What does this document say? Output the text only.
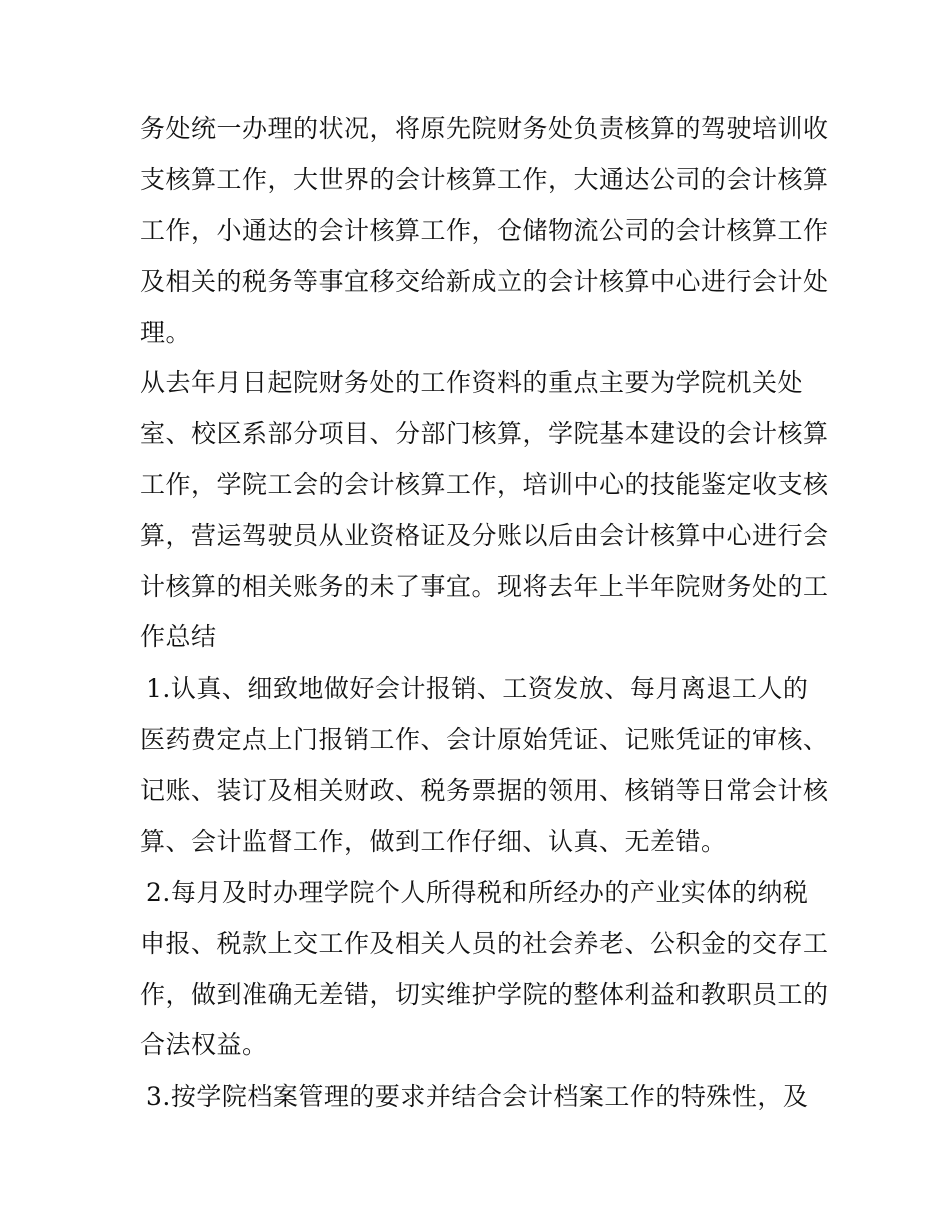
务处统一办理的状况，将原先院财务处负责核算的驾驶培训收
支核算工作，大世界的会计核算工作，大通达公司的会计核算
工作，小通达的会计核算工作，仓储物流公司的会计核算工作
及相关的税务等事宜移交给新成立的会计核算中心进行会计处
理。
从去年月日起院财务处的工作资料的重点主要为学院机关处
室、校区系部分项目、分部门核算，学院基本建设的会计核算
工作，学院工会的会计核算工作，培训中心的技能鉴定收支核
算，营运驾驶员从业资格证及分账以后由会计核算中心进行会
计核算的相关账务的未了事宜。现将去年上半年院财务处的工
作总结
1.认真、细致地做好会计报销、工资发放、每月离退工人的
医药费定点上门报销工作、会计原始凭证、记账凭证的审核、
记账、装订及相关财政、税务票据的领用、核销等日常会计核
算、会计监督工作，做到工作仔细、认真、无差错。
2.每月及时办理学院个人所得税和所经办的产业实体的纳税
申报、税款上交工作及相关人员的社会养老、公积金的交存工
作，做到准确无差错，切实维护学院的整体利益和教职员工的
合法权益。
3.按学院档案管理的要求并结合会计档案工作的特殊性，及
